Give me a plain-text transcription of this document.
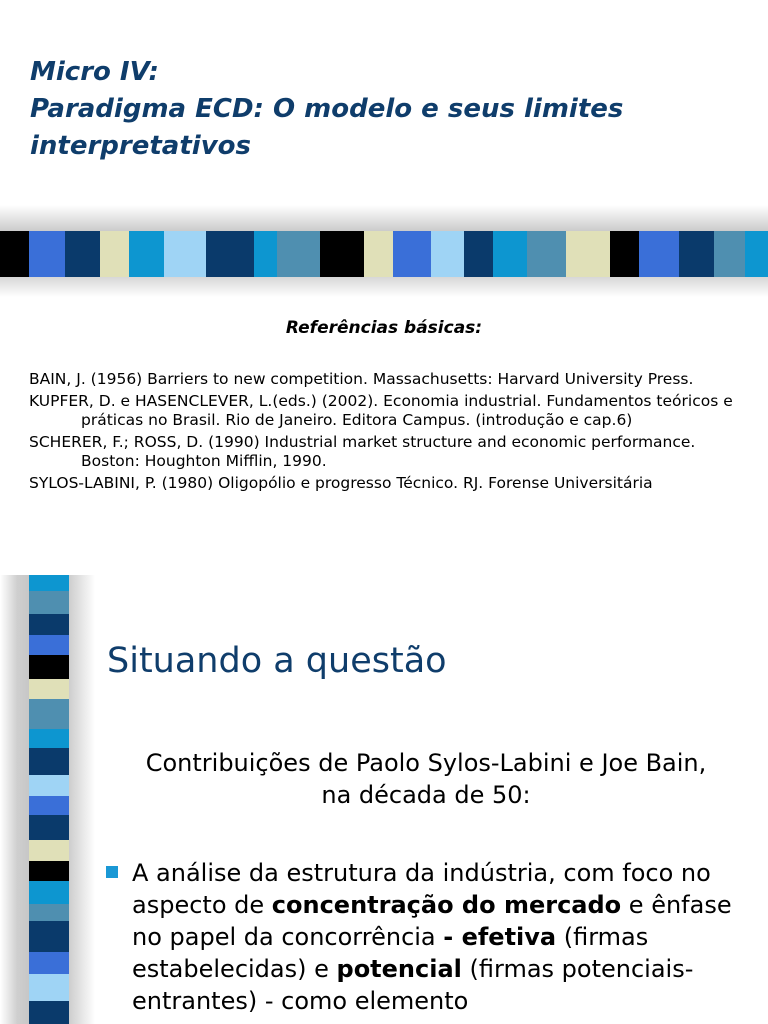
Micro IV:
Paradigma ECD: O modelo e seus limites
interpretativos
Referências básicas:
BAIN, J. (1956) Barriers to new competition. Massachusetts: Harvard University Press.
KUPFER, D. e HASENCLEVER, L.(eds.) (2002). Economia industrial. Fundamentos teóricos e práticas no Brasil. Rio de Janeiro. Editora Campus. (introdução e cap.6)
SCHERER, F.; ROSS, D. (1990) Industrial market structure and economic performance. Boston: Houghton Mifflin, 1990.
SYLOS-LABINI, P. (1980) Oligopólio e progresso Técnico. RJ. Forense Universitária
Situando a questão
Contribuições de Paolo Sylos-Labini e Joe Bain,
na década de 50:
A análise da estrutura da indústria, com foco no aspecto de concentração do mercado e ênfase no papel da concorrência - efetiva (firmas estabelecidas) e potencial (firmas potenciais-entrantes) - como elemento
